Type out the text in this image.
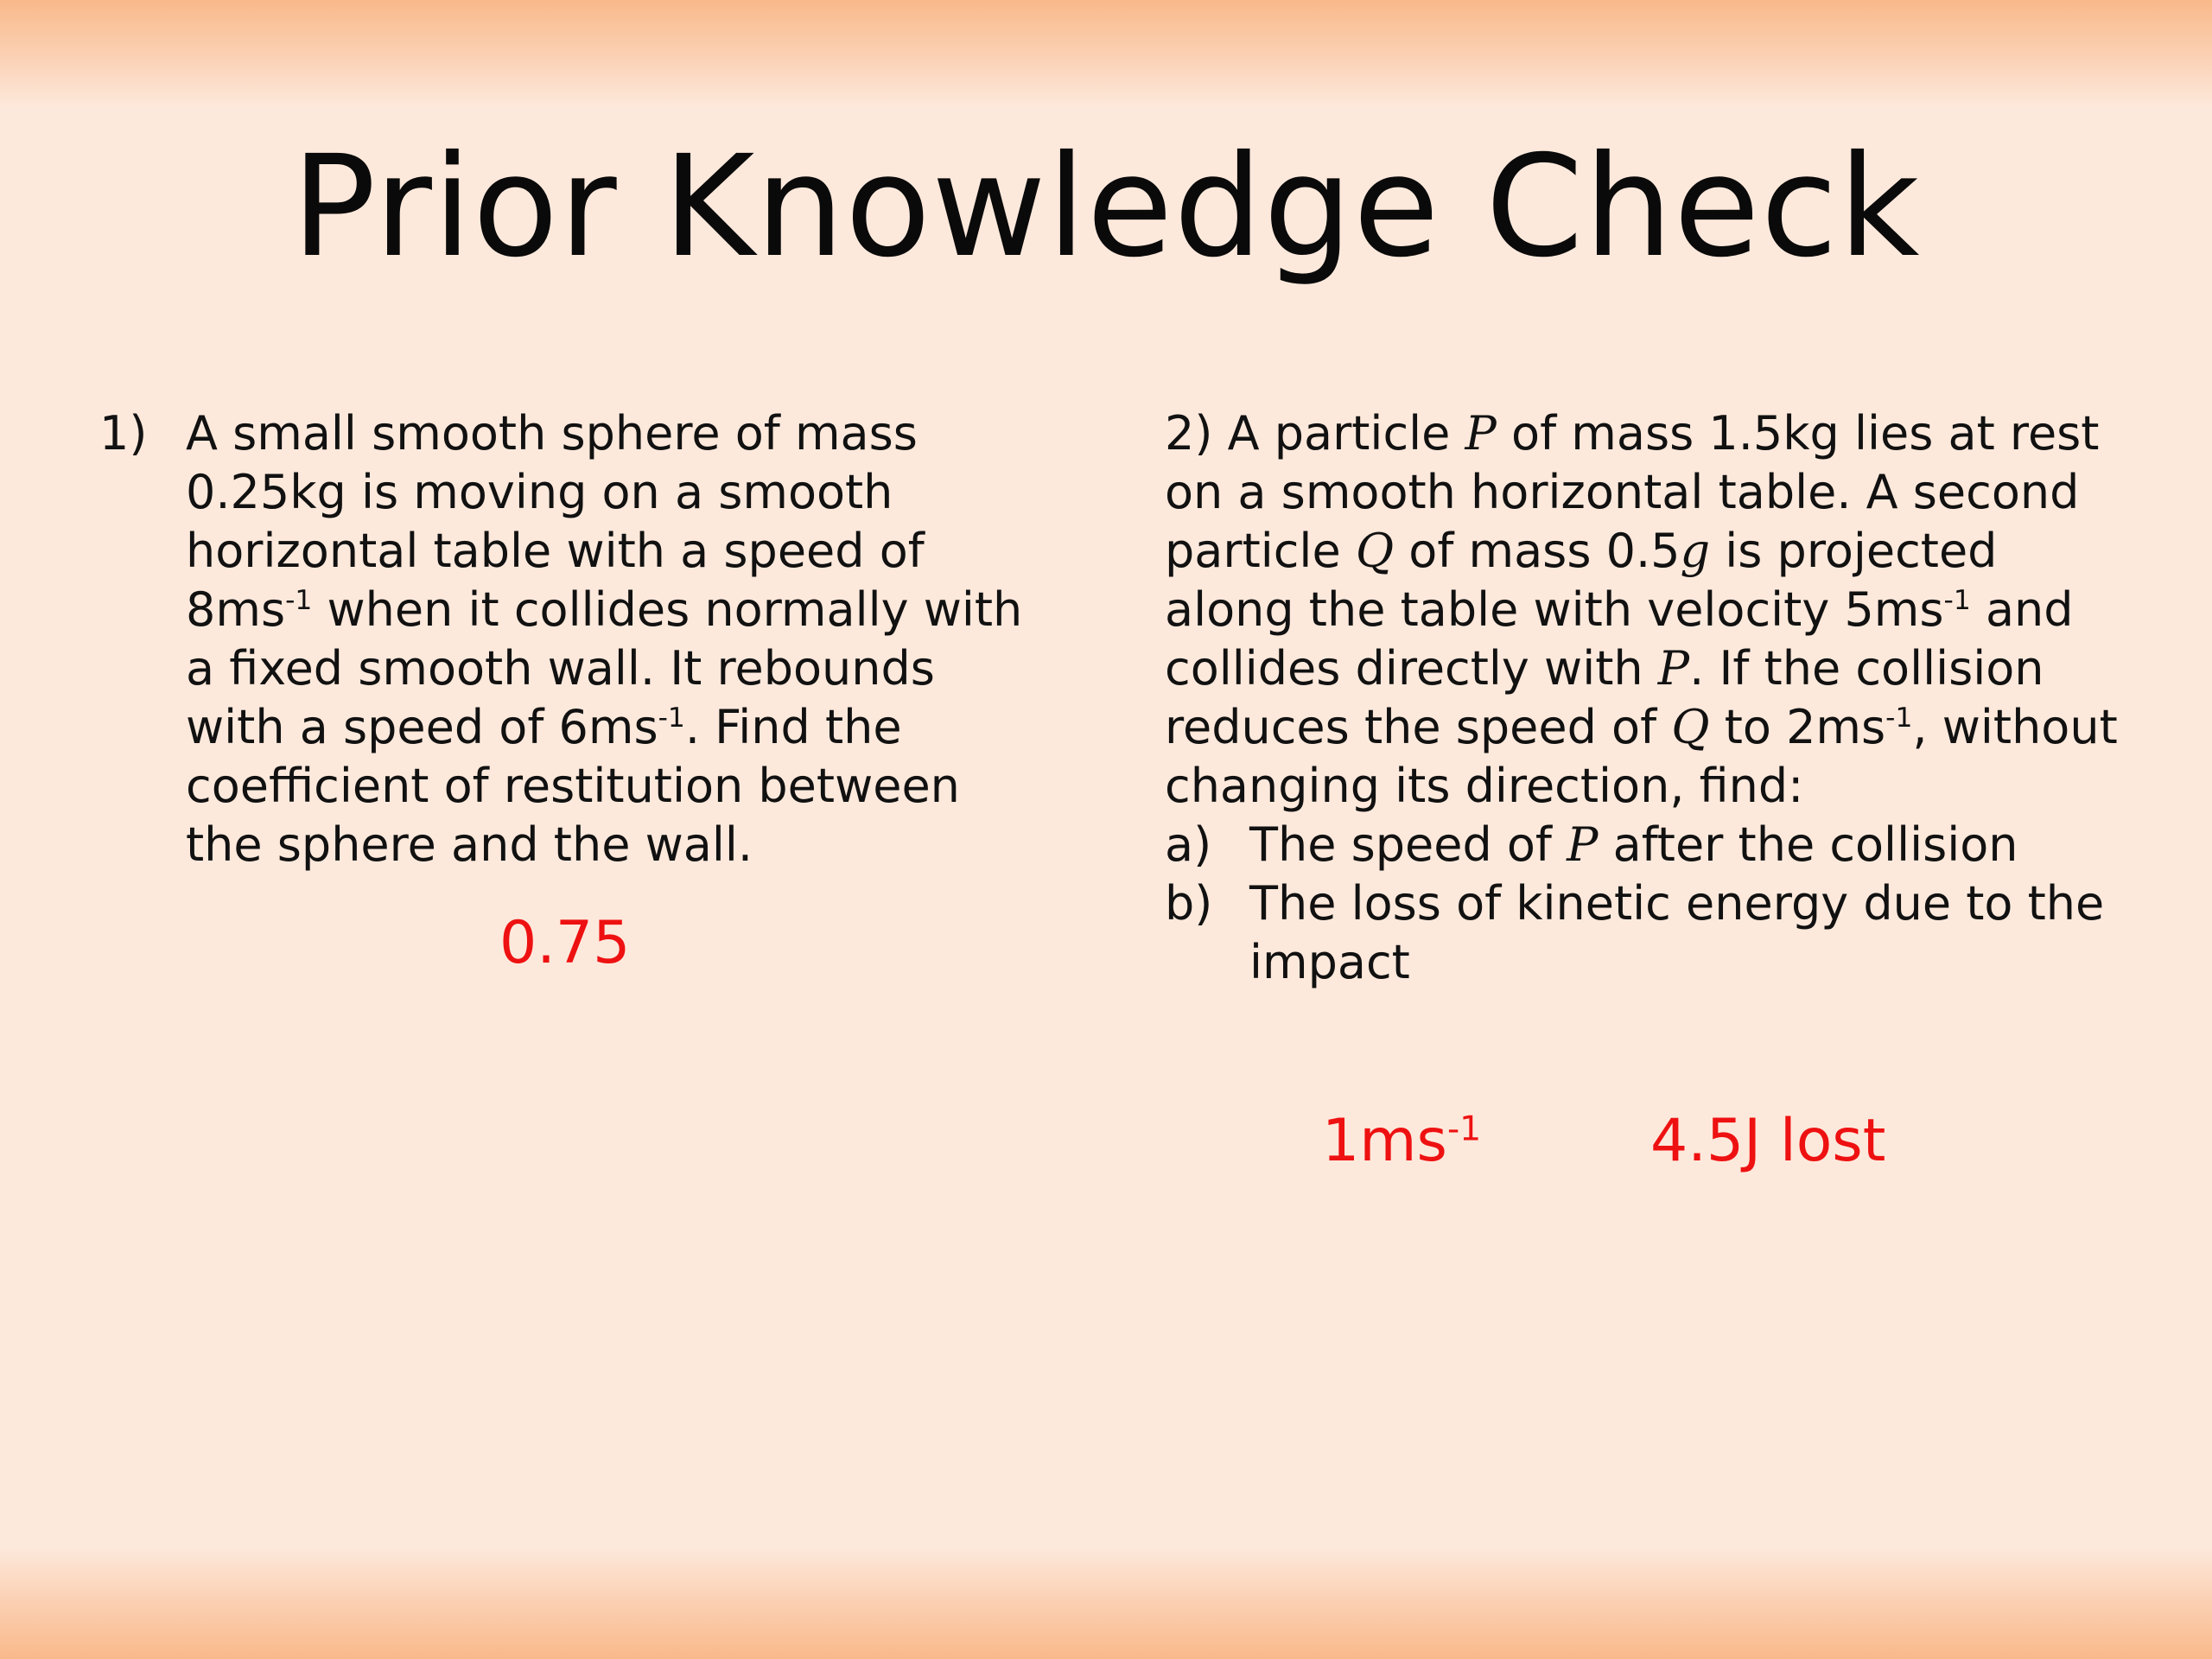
Prior Knowledge Check
1) A small smooth sphere of mass 0.25kg is moving on a smooth horizontal table with a speed of $8ms^{-1}$ when it collides normally with a fixed smooth wall. It rebounds with a speed of $6ms^{-1}$. Find the coefficient of restitution between the sphere and the wall.
0.75

2) A particle P of mass 1.5kg lies at rest on a smooth horizontal table. A second particle Q of mass 0.5g is projected along the table with velocity $5ms^{-1}$ and collides directly with P. If the collision reduces the speed of Q to $2ms^{-1}$, without changing its direction, find:

a) The speed of P after the collision
b) The loss of kinetic energy due to the impact
$1ms^{-1}$	4.5J lost
